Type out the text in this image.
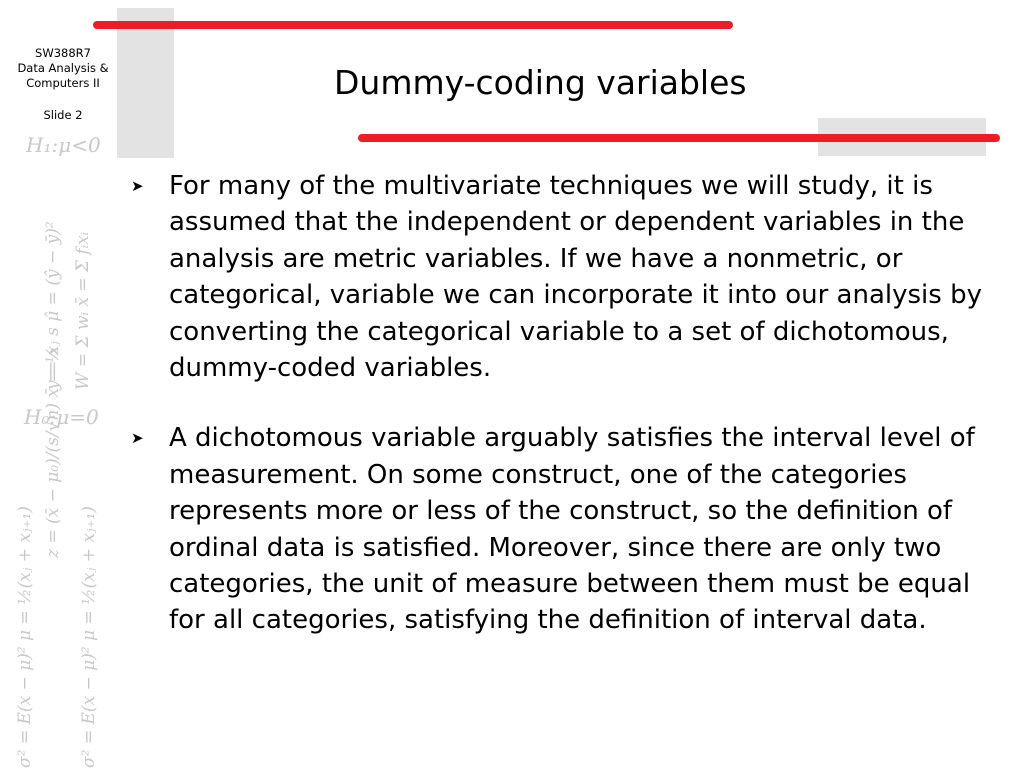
H₁:μ<0
H₀:μ=0
y = xⱼ s μ̂ = (ŷ − ȳ)² W = Σ wᵢ x̄ = Σ fᵢxᵢ
z = (x̄ − μ₀)/(s/√n) x̄ = ½
σ² = E(x − μ)² μ = ½(xⱼ + xⱼ₊₁)	σ² = E(x − μ)² μ = ½(xⱼ + xⱼ₊₁)
SW388R7
Data Analysis &
Computers II
Slide 2
Dummy-coding variables
➤ For many of the multivariate techniques we will study, it is assumed that the independent or dependent variables in the analysis are metric variables. If we have a nonmetric, or categorical, variable we can incorporate it into our analysis by converting the categorical variable to a set of dichotomous, dummy-coded variables.
➤ A dichotomous variable arguably satisfies the interval level of measurement. On some construct, one of the categories represents more or less of the construct, so the definition of ordinal data is satisfied. Moreover, since there are only two categories, the unit of measure between them must be equal for all categories, satisfying the definition of interval data.
